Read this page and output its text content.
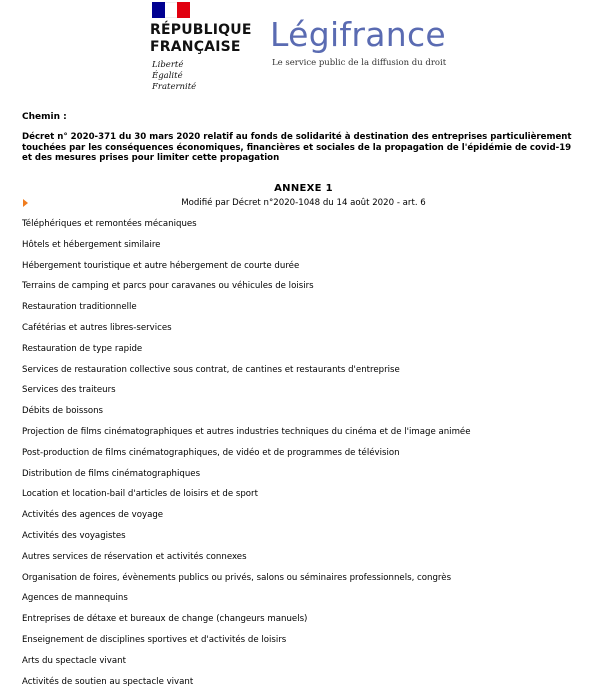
RÉPUBLIQUE
FRANÇAISE
Liberté
Égalité
Fraternité
Légifrance
Le service public de la diffusion du droit
Chemin :
Décret n° 2020-371 du 30 mars 2020 relatif au fonds de solidarité à destination des entreprises particulièrement touchées par les conséquences économiques, financières et sociales de la propagation de l'épidémie de covid-19 et des mesures prises pour limiter cette propagation
ANNEXE 1
Modifié par Décret n°2020-1048 du 14 août 2020 - art. 6
Téléphériques et remontées mécaniques
Hôtels et hébergement similaire
Hébergement touristique et autre hébergement de courte durée
Terrains de camping et parcs pour caravanes ou véhicules de loisirs
Restauration traditionnelle
Cafétérias et autres libres-services
Restauration de type rapide
Services de restauration collective sous contrat, de cantines et restaurants d'entreprise
Services des traiteurs
Débits de boissons
Projection de films cinématographiques et autres industries techniques du cinéma et de l'image animée
Post-production de films cinématographiques, de vidéo et de programmes de télévision
Distribution de films cinématographiques
Location et location-bail d'articles de loisirs et de sport
Activités des agences de voyage
Activités des voyagistes
Autres services de réservation et activités connexes
Organisation de foires, évènements publics ou privés, salons ou séminaires professionnels, congrès
Agences de mannequins
Entreprises de détaxe et bureaux de change (changeurs manuels)
Enseignement de disciplines sportives et d'activités de loisirs
Arts du spectacle vivant
Activités de soutien au spectacle vivant
